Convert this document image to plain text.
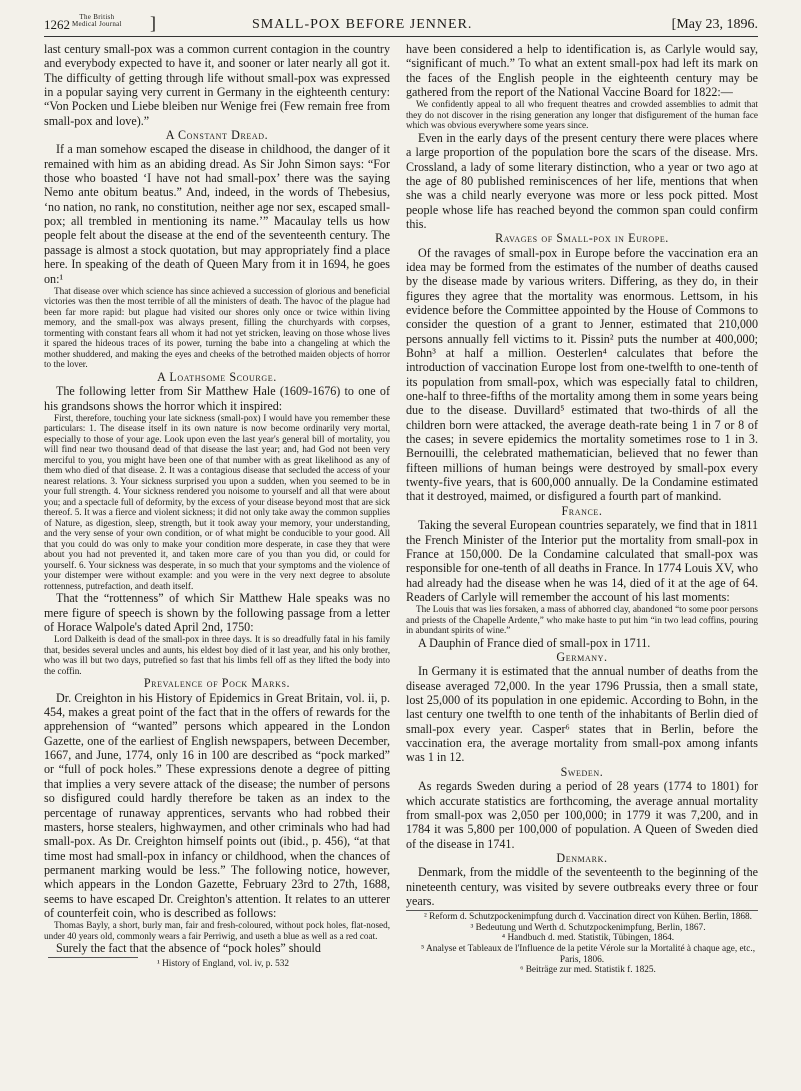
1262	The British
Medical Journal ]	SMALL-POX BEFORE JENNER.	[May 23, 1896.

last century small-pox was a common current contagion in the country and everybody expected to have it, and sooner or later nearly all got it. The difficulty of getting through life without small-pox was expressed in a popular saying very current in Germany in the eighteenth century: “Von Pocken und Liebe bleiben nur Wenige frei (Few remain free from small-pox and love).”

A Constant Dread.

If a man somehow escaped the disease in childhood, the danger of it remained with him as an abiding dread. As Sir John Simon says: “For those who boasted ‘I have not had small-pox’ there was the saying Nemo ante obitum beatus.” And, indeed, in the words of Thebesius, ‘no nation, no rank, no constitution, neither age nor sex, escaped small-pox; all trembled in mentioning its name.’” Macaulay tells us how people felt about the disease at the end of the seventeenth century. The passage is almost a stock quotation, but may appropriately find a place here. In speaking of the death of Queen Mary from it in 1694, he goes on:¹

That disease over which science has since achieved a succession of glorious and beneficial victories was then the most terrible of all the ministers of death. The havoc of the plague had been far more rapid: but plague had visited our shores only once or twice within living memory, and the small-pox was always present, filling the churchyards with corpses, tormenting with constant fears all whom it had not yet stricken, leaving on those whose lives it spared the hideous traces of its power, turning the babe into a changeling at which the mother shuddered, and making the eyes and cheeks of the betrothed maiden objects of horror to the lover.

A Loathsome Scourge.

The following letter from Sir Matthew Hale (1609-1676) to one of his grandsons shows the horror which it inspired:

First, therefore, touching your late sickness (small-pox) I would have you remember these particulars: 1. The disease itself in its own nature is now become ordinarily very mortal, especially to those of your age. Look upon even the last year's general bill of mortality, you will find near two thousand dead of that disease the last year; and, had God not been very merciful to you, you might have been one of that number with as great likelihood as any of them who died of that disease. 2. It was a contagious disease that secluded the access of your nearest relations. 3. Your sickness surprised you upon a sudden, when you seemed to be in your full strength. 4. Your sickness rendered you noisome to yourself and all that were about you; and a spectacle full of deformity, by the excess of your disease beyond most that are sick thereof. 5. It was a fierce and violent sickness; it did not only take away the common supplies of Nature, as digestion, sleep, strength, but it took away your memory, your understanding, and the very sense of your own condition, or of what might be conducible to your good. All that you could do was only to make your condition more desperate, in case they that were about you had not prevented it, and taken more care of you than you did, or could for yourself. 6. Your sickness was desperate, in so much that your symptoms and the violence of your distemper were without example: and you were in the very next degree to absolute rottenness, putrefaction, and death itself.

That the “rottenness” of which Sir Matthew Hale speaks was no mere figure of speech is shown by the following passage from a letter of Horace Walpole's dated April 2nd, 1750:

Lord Dalkeith is dead of the small-pox in three days. It is so dreadfully fatal in his family that, besides several uncles and aunts, his eldest boy died of it last year, and his only brother, who was ill but two days, putrefied so fast that his limbs fell off as they lifted the body into the coffin.

Prevalence of Pock Marks.

Dr. Creighton in his History of Epidemics in Great Britain, vol. ii, p. 454, makes a great point of the fact that in the offers of rewards for the apprehension of “wanted” persons which appeared in the London Gazette, one of the earliest of English newspapers, between December, 1667, and June, 1774, only 16 in 100 are described as “pock marked” or “full of pock holes.” These expressions denote a degree of pitting that implies a very severe attack of the disease; the number of persons so disfigured could hardly therefore be taken as an index to the percentage of runaway apprentices, servants who had robbed their masters, horse stealers, highwaymen, and other criminals who had had small-pox. As Dr. Creighton himself points out (ibid., p. 456), “at that time most had small-pox in infancy or childhood, when the chances of permanent marking would be less.” The following notice, however, which appears in the London Gazette, February 23rd to 27th, 1688, seems to have escaped Dr. Creighton's attention. It relates to an utterer of counterfeit coin, who is described as follows:

Thomas Bayly, a short, burly man, fair and fresh-coloured, without pock holes, flat-nosed, under 40 years old, commonly wears a fair Perriwig, and useth a blue as well as a red coat.

Surely the fact that the absence of “pock holes” should

¹ History of England, vol. iv, p. 532

have been considered a help to identification is, as Carlyle would say, “significant of much.” To what an extent small-pox had left its mark on the faces of the English people in the eighteenth century may be gathered from the report of the National Vaccine Board for 1822:—

We confidently appeal to all who frequent theatres and crowded assemblies to admit that they do not discover in the rising generation any longer that disfigurement of the human face which was obvious everywhere some years since.

Even in the early days of the present century there were places where a large proportion of the population bore the scars of the disease. Mrs. Crossland, a lady of some literary distinction, who a year or two ago at the age of 80 published reminiscences of her life, mentions that when she was a child nearly everyone was more or less pock pitted. Most people whose life has reached beyond the common span could confirm this.

Ravages of Small-pox in Europe.

Of the ravages of small-pox in Europe before the vaccination era an idea may be formed from the estimates of the number of deaths caused by the disease made by various writers. Differing, as they do, in their figures they agree that the mortality was enormous. Lettsom, in his evidence before the Committee appointed by the House of Commons to consider the question of a grant to Jenner, estimated that 210,000 persons annually fell victims to it. Pissin² puts the number at 400,000; Bohn³ at half a million. Oesterlen⁴ calculates that before the introduction of vaccination Europe lost from one-twelfth to one-tenth of its population from small-pox, which was especially fatal to children, one-half to three-fifths of the mortality among them in some years being due to the disease. Duvillard⁵ estimated that two-thirds of all the children born were attacked, the average death-rate being 1 in 7 or 8 of the cases; in severe epidemics the mortality sometimes rose to 1 in 3. Bernouilli, the celebrated mathematician, believed that no fewer than fifteen millions of human beings were destroyed by small-pox every twenty-five years, that is 600,000 annually. De la Condamine estimated that it destroyed, maimed, or disfigured a fourth part of mankind.

France.

Taking the several European countries separately, we find that in 1811 the French Minister of the Interior put the mortality from small-pox in France at 150,000. De la Condamine calculated that small-pox was responsible for one-tenth of all deaths in France. In 1774 Louis XV, who had already had the disease when he was 14, died of it at the age of 64. Readers of Carlyle will remember the account of his last moments:

The Louis that was lies forsaken, a mass of abhorred clay, abandoned “to some poor persons and priests of the Chapelle Ardente,” who make haste to put him “in two lead coffins, pouring in abundant spirits of wine.”

A Dauphin of France died of small-pox in 1711.

Germany.

In Germany it is estimated that the annual number of deaths from the disease averaged 72,000. In the year 1796 Prussia, then a small state, lost 25,000 of its population in one epidemic. According to Bohn, in the last century one twelfth to one tenth of the inhabitants of Berlin died of small-pox every year. Casper⁶ states that in Berlin, before the vaccination era, the average mortality from small-pox among infants was 1 in 12.

Sweden.

As regards Sweden during a period of 28 years (1774 to 1801) for which accurate statistics are forthcoming, the average annual mortality from small-pox was 2,050 per 100,000; in 1779 it was 7,200, and in 1784 it was 5,800 per 100,000 of population. A Queen of Sweden died of the disease in 1741.

Denmark.

Denmark, from the middle of the seventeenth to the beginning of the nineteenth century, was visited by severe outbreaks every three or four years.

² Reform d. Schutzpockenimpfung durch d. Vaccination direct von Kühen. Berlin, 1868.

³ Bedeutung und Werth d. Schutzpockenimpfung, Berlin, 1867.

⁴ Handbuch d. med. Statistik, Tübingen, 1864.

⁵ Analyse et Tableaux de l'Influence de la petite Vérole sur la Mortalité à chaque age, etc., Paris, 1806.

⁶ Beiträge zur med. Statistik f. 1825.
